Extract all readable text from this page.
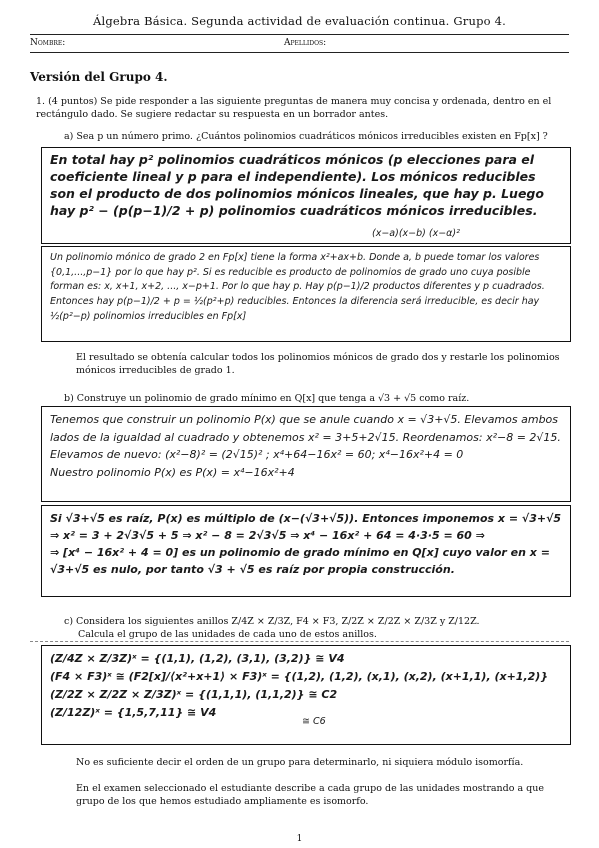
Álgebra Básica. Segunda actividad de evaluación continua. Grupo 4.
Nombre:	Apellidos:
Versión del Grupo 4.
1. (4 puntos) Se pide responder a las siguiente preguntas de manera muy concisa y ordenada, dentro en el rectángulo dado. Se sugiere redactar su respuesta en un borrador antes.
a) Sea p un número primo. ¿Cuántos polinomios cuadráticos mónicos irreducibles existen en Fp[x] ?
En total hay p² polinomios cuadráticos mónicos (p elecciones para el coeficiente lineal y p para el independiente). Los mónicos reducibles son el producto de dos polinomios mónicos lineales, que hay p. Luego hay p² − (p(p−1)/2 + p) polinomios cuadráticos mónicos irreducibles.
(x−a)(x−b) (x−α)²
Un polinomio mónico de grado 2 en Fp[x] tiene la forma x²+ax+b. Donde a, b puede tomar los valores {0,1,...,p−1} por lo que hay p². Si es reducible es producto de polinomios de grado uno cuya posible forman es: x, x+1, x+2, ..., x−p+1. Por lo que hay p. Hay p(p−1)/2 productos diferentes y p cuadrados. Entonces hay p(p−1)/2 + p = ½(p²+p) reducibles. Entonces la diferencia será irreducible, es decir hay ½(p²−p) polinomios irreducibles en Fp[x]
El resultado se obtenía calcular todos los polinomios mónicos de grado dos y restarle los polinomios mónicos irreducibles de grado 1.
b) Construye un polinomio de grado mínimo en Q[x] que tenga a √3 + √5 como raíz.
Tenemos que construir un polinomio P(x) que se anule cuando x = √3+√5. Elevamos ambos lados de la igualdad al cuadrado y obtenemos x² = 3+5+2√15. Reordenamos: x²−8 = 2√15. Elevamos de nuevo: (x²−8)² = (2√15)² ; x⁴+64−16x² = 60; x⁴−16x²+4 = 0
Nuestro polinomio P(x) es P(x) = x⁴−16x²+4
Si √3+√5 es raíz, P(x) es múltiplo de (x−(√3+√5)). Entonces imponemos x = √3+√5
⇒ x² = 3 + 2√3√5 + 5 ⇒ x² − 8 = 2√3√5 ⇒ x⁴ − 16x² + 64 = 4·3·5 = 60 ⇒
⇒ [x⁴ − 16x² + 4 = 0] es un polinomio de grado mínimo en Q[x] cuyo valor en x = √3+√5 es nulo, por tanto √3 + √5 es raíz por propia construcción.
c) Considera los siguientes anillos Z/4Z × Z/3Z, F4 × F3, Z/2Z × Z/2Z × Z/3Z y Z/12Z.
Calcula el grupo de las unidades de cada uno de estos anillos.
(Z/4Z × Z/3Z)ˣ = {(1,1), (1,2), (3,1), (3,2)} ≅ V4
(F4 × F3)ˣ ≅ (F2[x]/⟨x²+x+1⟩ × F3)ˣ = {(1,2), (1,2), (x,1), (x,2), (x+1,1), (x+1,2)}
(Z/2Z × Z/2Z × Z/3Z)ˣ = {(1,1,1), (1,1,2)} ≅ C2
(Z/12Z)ˣ = {1,5,7,11} ≅ V4
≅ C6
No es suficiente decir el orden de un grupo para determinarlo, ni siquiera módulo isomorfía.
En el examen seleccionado el estudiante describe a cada grupo de las unidades mostrando a que grupo de los que hemos estudiado ampliamente es isomorfo.
1
